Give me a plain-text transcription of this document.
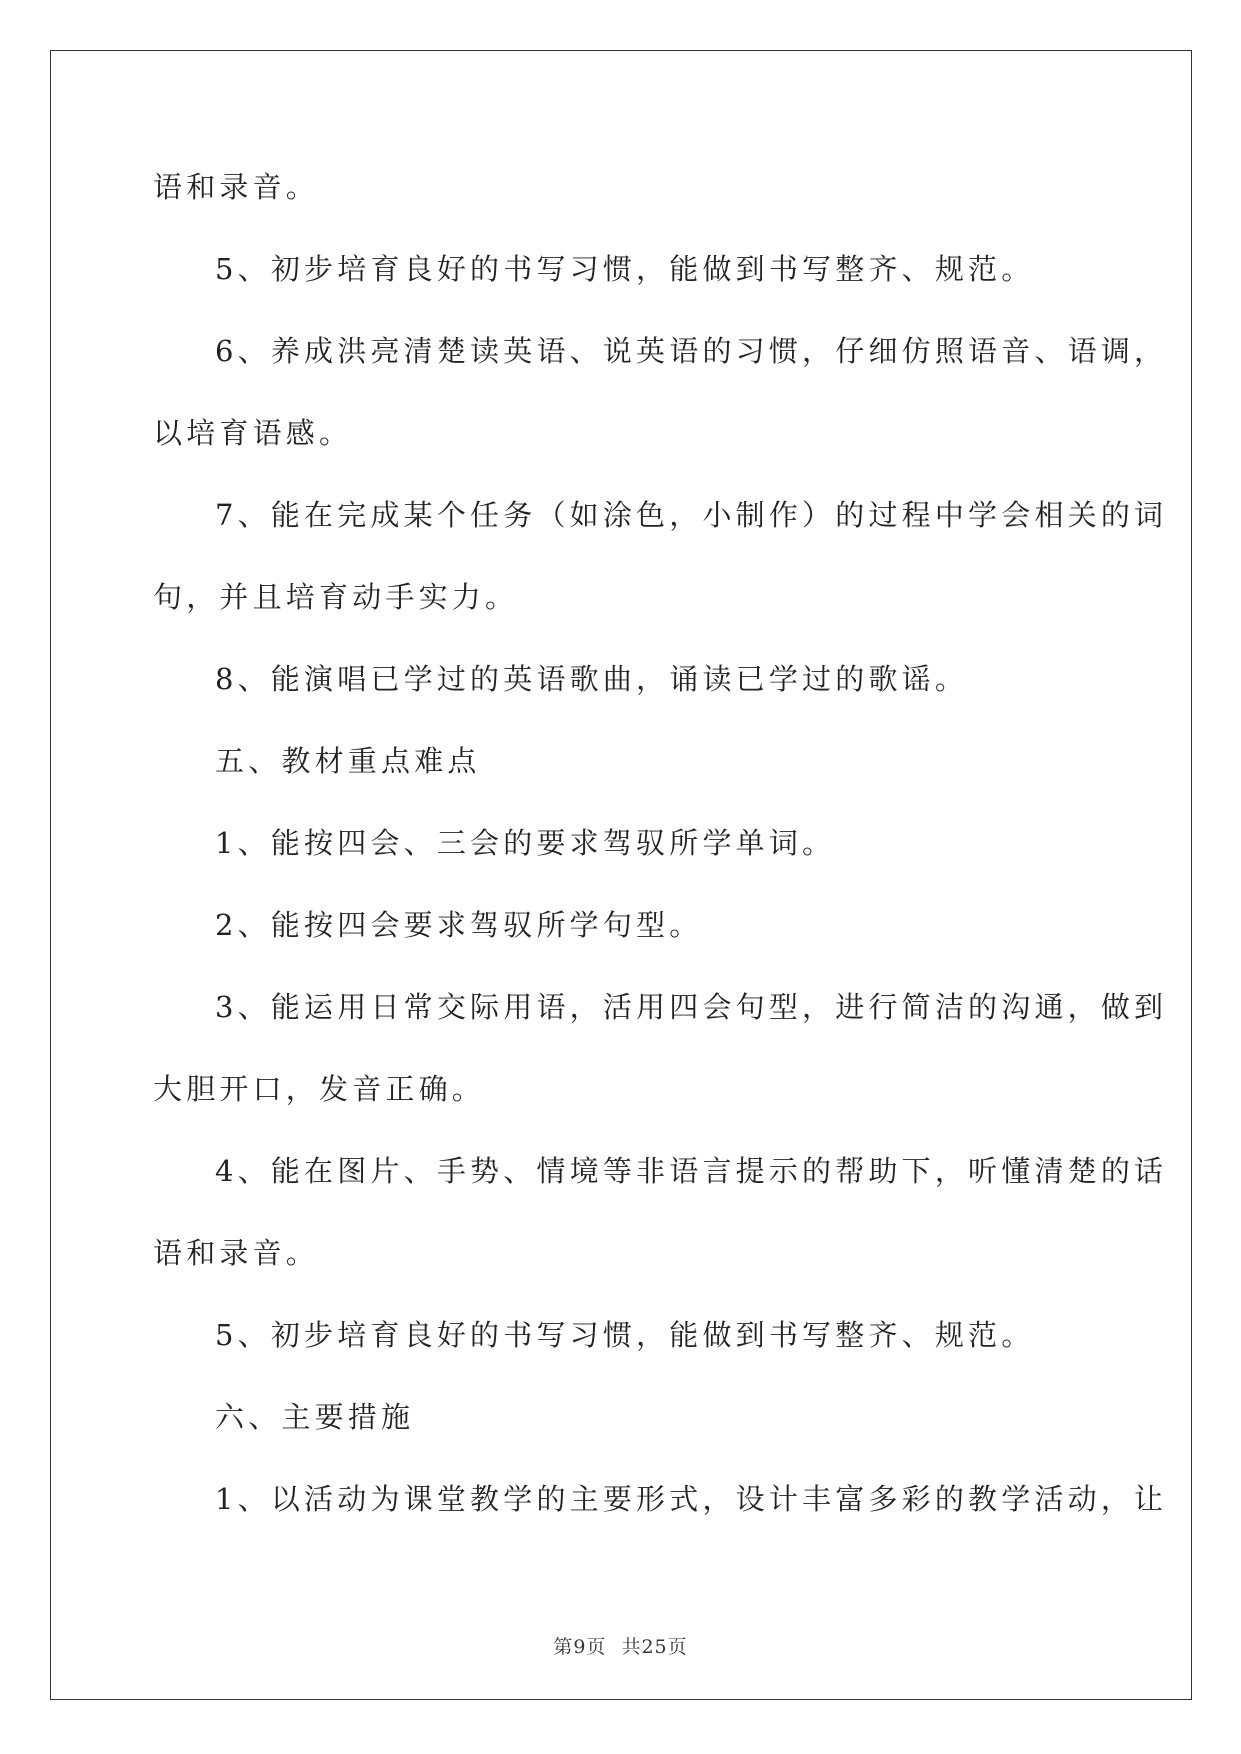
语和录音。
5、初步培育良好的书写习惯，能做到书写整齐、规范。
6、养成洪亮清楚读英语、说英语的习惯，仔细仿照语音、语调，
以培育语感。
7、能在完成某个任务（如涂色，小制作）的过程中学会相关的词
句，并且培育动手实力。
8、能演唱已学过的英语歌曲，诵读已学过的歌谣。
五、教材重点难点
1、能按四会、三会的要求驾驭所学单词。
2、能按四会要求驾驭所学句型。
3、能运用日常交际用语，活用四会句型，进行简洁的沟通，做到
大胆开口，发音正确。
4、能在图片、手势、情境等非语言提示的帮助下，听懂清楚的话
语和录音。
5、初步培育良好的书写习惯，能做到书写整齐、规范。
六、主要措施
1、以活动为课堂教学的主要形式，设计丰富多彩的教学活动，让
第9页 共25页
